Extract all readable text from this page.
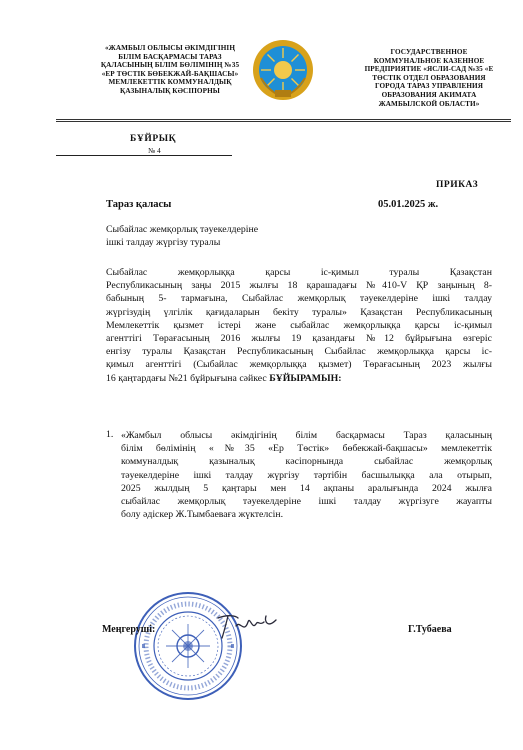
«ЖАМБЫЛ ОБЛЫСЫ ӘКІМДІГІНІҢ
БІЛІМ БАСҚАРМАСЫ ТАРАЗ
ҚАЛАСЫНЫҢ БІЛІМ БӨЛІМІНІҢ №35
«ЕР ТӨСТІК БӨБЕКЖАЙ-БАҚШАСЫ»
МЕМЛЕКЕТТІК КОММУНАЛДЫҚ
ҚАЗЫНАЛЫҚ КӘСІПОРНЫ
ГОСУДАРСТВЕННОЕ
КОММУНАЛЬНОЕ КАЗЕННОЕ
ПРЕДПРИЯТИЕ «ЯСЛИ-САД №35 «Е
ТӨСТІК ОТДЕЛ ОБРАЗОВАНИЯ
ГОРОДА ТАРАЗ УПРАВЛЕНИЯ
ОБРАЗОВАНИЯ АКИМАТА
ЖАМБЫЛСКОЙ ОБЛАСТИ»
БҰЙРЫҚ
№ 4
ПРИКАЗ
Тараз қаласы	05.01.2025 ж.
Сыбайлас жемқорлық тәуекелдеріне
ішкі талдау жүргізу туралы
Сыбайлас жемқорлыққа қарсы іс-қимыл туралы Қазақстан
Республикасының заңы 2015 жылғы 18 қарашадағы №410-V ҚР заңының 8-
бабының 5- тармағына, Сыбайлас жемқорлық тәуекелдеріне ішкі талдау
жүргізудің үлгілік қағидаларын бекіту туралы» Қазақстан Республикасының
Мемлекеттік қызмет істері және сыбайлас жемқорлыққа қарсы іс-қимыл
агенттігі Төрағасының 2016 жылғы 19 қазандағы №12 бұйрығына өзгеріс
енгізу туралы Қазақстан Республикасының Сыбайлас жемқорлыққа қарсы іс-
қимыл агенттігі (Сыбайлас жемқорлыққа қызмет) Төрағасының 2023 жылғы
16 қаңтардағы №21 бұйрығына сәйкес БҰЙЫРАМЫН:
1. «Жамбыл облысы әкімдігінің білім басқармасы Тараз қаласының
білім бөлімінің «№35 «Ер Төстік» бөбекжай-бақшасы» мемлекеттік
коммуналдық қазыналық кәсіпорнында сыбайлас жемқорлық
тәуекелдеріне ішкі талдау жүргізу тәртібін басшылыққа ала отырып,
2025 жылдың 5 қаңтары мен 14 ақпаны аралығында 2024 жылға
сыбайлас жемқорлық тәуекелдеріне ішкі талдау жүргізуге жауапты
болу әдіскер Ж.Тымбаеваға жүктелсін.
Меңгеруші:	Г.Тубаева
